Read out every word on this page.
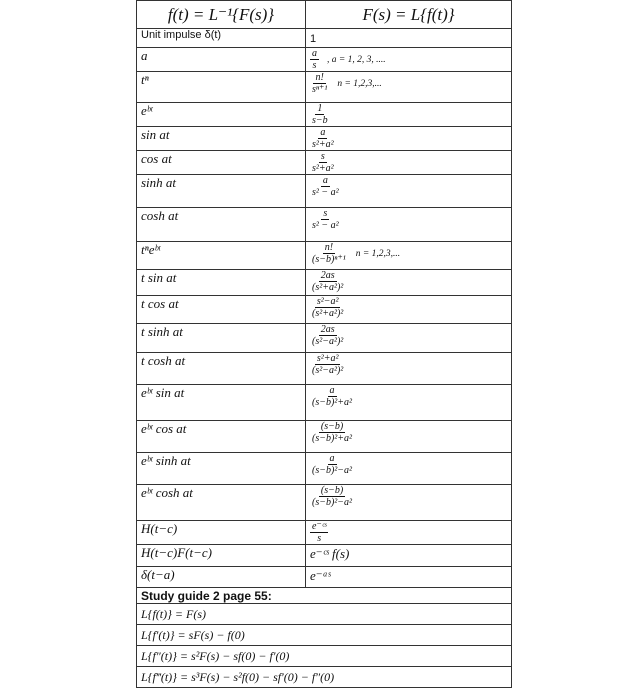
f(t) = L⁻¹{F(s)}	F(s) = L{f(t)}
Unit impulse δ(t)	1
a	$\frac{a}{s}$ , a = 1, 2, 3, ....
tⁿ	$\frac{n!}{\text{sⁿ⁺¹}}$ n = 1,2,3,...
eᵇᵗ	$\frac{1}{s-b}$

sin at	$\frac{a}{\text{s²+a²}}$

cos at	$\frac{s}{\text{s²+a²}}$

sinh at	$\frac{a}{\text{s² − a²}}$

cosh at	$\frac{s}{\text{s² − a²}}$

tⁿeᵇᵗ	$\frac{n!}{\text{(s−b)ⁿ⁺¹}}$ n = 1,2,3,...
t sin at	$\frac{2as}{\text{(s²+a²)²}}$

t cos at	$\frac{\text{s²−a²}}{\text{(s²+a²)²}}$

t sinh at	$\frac{2as}{\text{(s²−a²)²}}$

t cosh at	$\frac{\text{s²+a²}}{\text{(s²−a²)²}}$

eᵇᵗ sin at	$\frac{a}{\text{(s−b)²+a²}}$

eᵇᵗ cos at	$\frac{(s-b)}{\text{(s−b)²+a²}}$

eᵇᵗ sinh at	$\frac{a}{\text{(s−b)²−a²}}$

eᵇᵗ cosh at	$\frac{(s-b)}{\text{(s−b)²−a²}}$

H(t−c)	$\frac{\text{e⁻ᶜˢ}}{s}$

H(t−c)F(t−c)	e⁻ᶜˢ f(s)
δ(t−a)	e⁻ᵃˢ
Study guide 2 page 55:	
L{f(t)} = F(s)	
L{f′(t)} = sF(s) − f(0)	
L{f″(t)} = s²F(s) − sf(0) − f′(0)	
L{f‴(t)} = s³F(s) − s²f(0) − sf′(0) − f″(0)	
